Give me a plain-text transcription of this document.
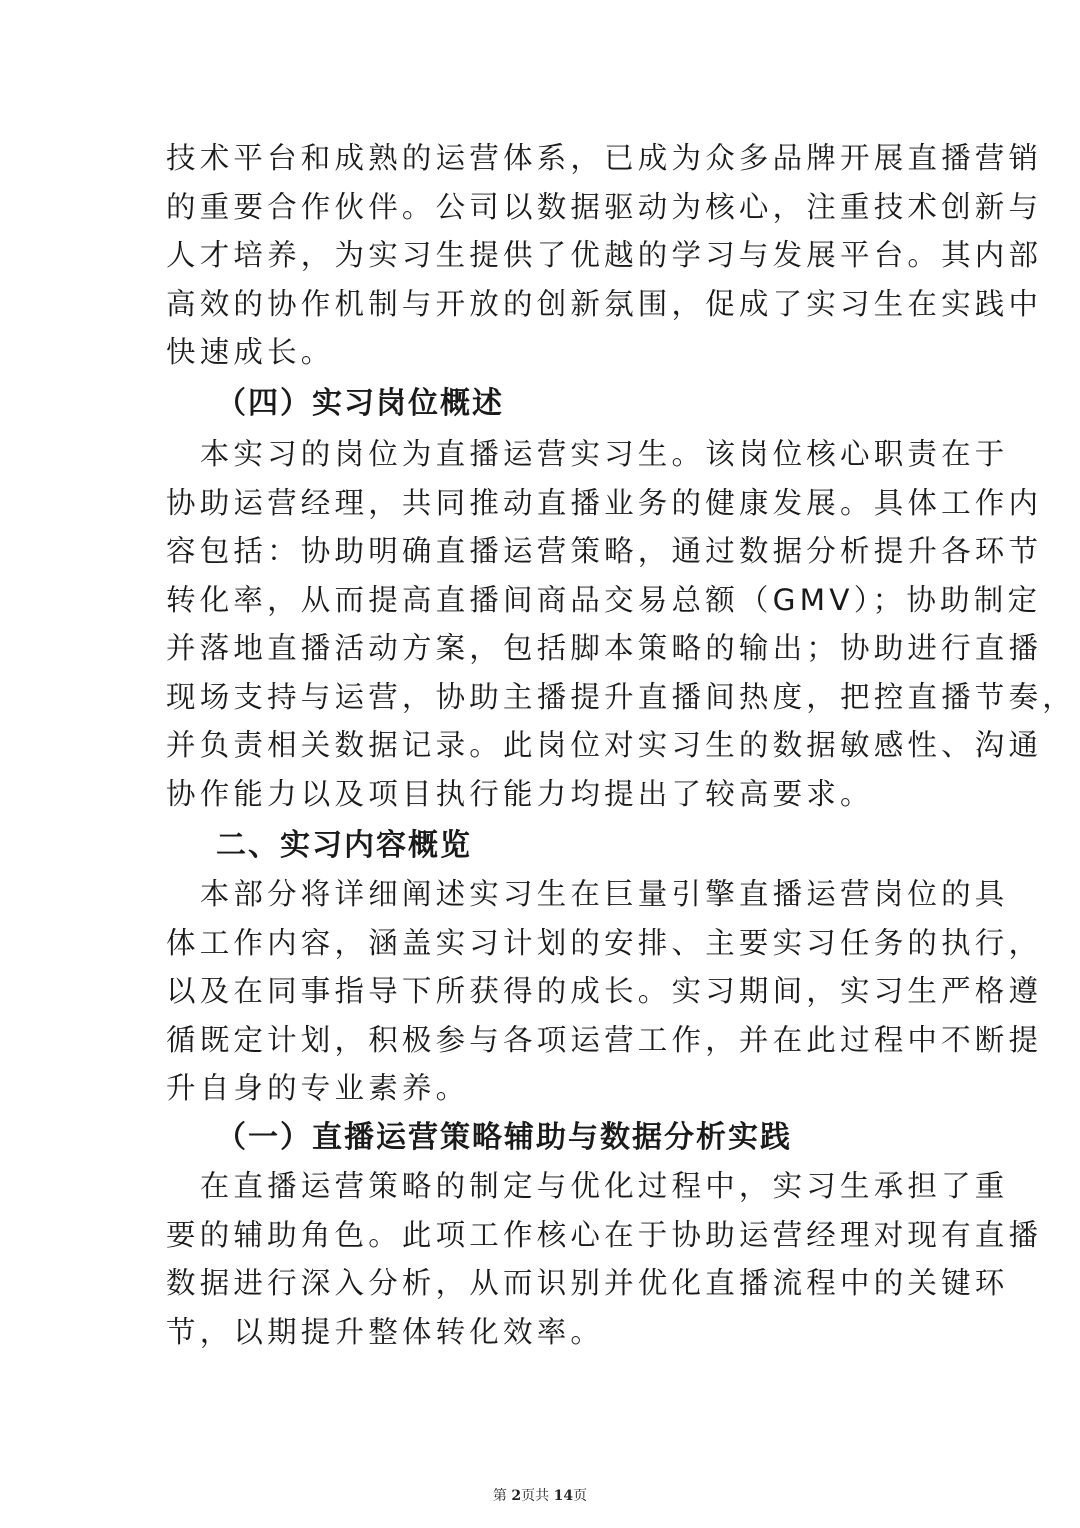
技术平台和成熟的运营体系，已成为众多品牌开展直播营销
的重要合作伙伴。公司以数据驱动为核心，注重技术创新与
人才培养，为实习生提供了优越的学习与发展平台。其内部
高效的协作机制与开放的创新氛围，促成了实习生在实践中
快速成长。
（四）实习岗位概述
　本实习的岗位为直播运营实习生。该岗位核心职责在于
协助运营经理，共同推动直播业务的健康发展。具体工作内
容包括：协助明确直播运营策略，通过数据分析提升各环节
转化率，从而提高直播间商品交易总额（GMV）；协助制定
并落地直播活动方案，包括脚本策略的输出；协助进行直播
现场支持与运营，协助主播提升直播间热度，把控直播节奏，
并负责相关数据记录。此岗位对实习生的数据敏感性、沟通
协作能力以及项目执行能力均提出了较高要求。
二、实习内容概览
　本部分将详细阐述实习生在巨量引擎直播运营岗位的具
体工作内容，涵盖实习计划的安排、主要实习任务的执行，
以及在同事指导下所获得的成长。实习期间，实习生严格遵
循既定计划，积极参与各项运营工作，并在此过程中不断提
升自身的专业素养。
（一）直播运营策略辅助与数据分析实践
　在直播运营策略的制定与优化过程中，实习生承担了重
要的辅助角色。此项工作核心在于协助运营经理对现有直播
数据进行深入分析，从而识别并优化直播流程中的关键环
节，以期提升整体转化效率。
第 2页共 14页
